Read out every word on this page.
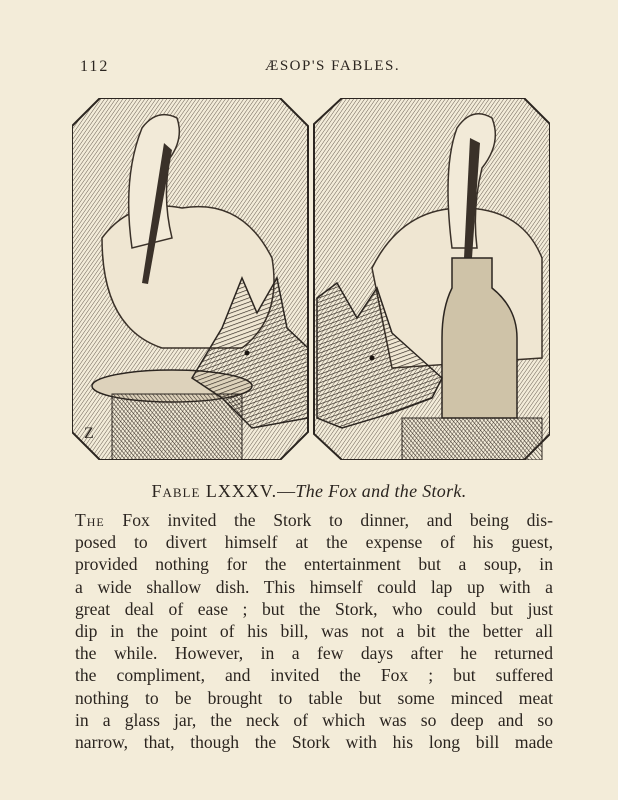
112	ÆSOP'S FABLES.
Z
Fable LXXXV.—The Fox and the Stork.
The Fox invited the Stork to dinner, and being dis-
posed to divert himself at the expense of his guest,
provided nothing for the entertainment but a soup, in
a wide shallow dish. This himself could lap up with a
great deal of ease ; but the Stork, who could but just
dip in the point of his bill, was not a bit the better all
the while. However, in a few days after he returned
the compliment, and invited the Fox ; but suffered
nothing to be brought to table but some minced meat
in a glass jar, the neck of which was so deep and so
narrow, that, though the Stork with his long bill made
